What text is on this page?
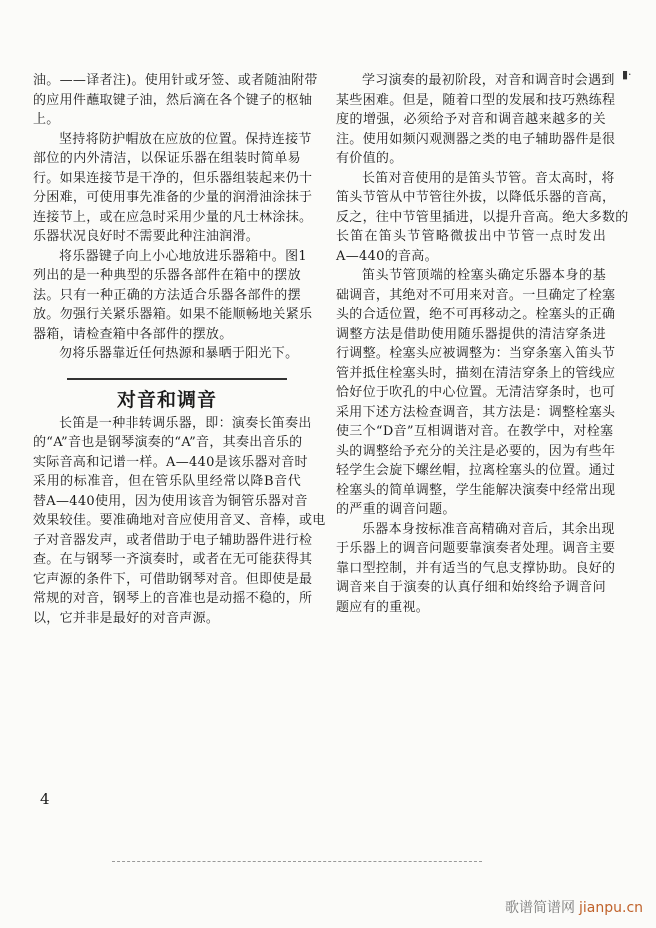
油。——译者注)。使用针或牙签、或者随油附带
的应用件蘸取键子油，然后滴在各个键子的枢轴
上。
坚持将防护帽放在应放的位置。保持连接节
部位的内外清洁，以保证乐器在组装时简单易
行。如果连接节是干净的，但乐器组装起来仍十
分困难，可使用事先准备的少量的润滑油涂抹于
连接节上，或在应急时采用少量的凡士林涂抹。
乐器状况良好时不需要此种注油润滑。
将乐器键子向上小心地放进乐器箱中。图1
列出的是一种典型的乐器各部件在箱中的摆放
法。只有一种正确的方法适合乐器各部件的摆
放。勿强行关紧乐器箱。如果不能顺畅地关紧乐
器箱，请检查箱中各部件的摆放。
勿将乐器靠近任何热源和暴晒于阳光下。
对音和调音
长笛是一种非转调乐器，即：演奏长笛奏出
的“A”音也是钢琴演奏的“A”音，其奏出音乐的
实际音高和记谱一样。A—440是该乐器对音时
采用的标准音，但在管乐队里经常以降B音代
替A—440使用，因为使用该音为铜管乐器对音
效果较佳。要准确地对音应使用音叉、音棒，或电
子对音器发声，或者借助于电子辅助器件进行检
查。在与钢琴一齐演奏时，或者在无可能获得其
它声源的条件下，可借助钢琴对音。但即使是最
常规的对音，钢琴上的音准也是动摇不稳的，所
以，它并非是最好的对音声源。
学习演奏的最初阶段，对音和调音时会遇到
某些困难。但是，随着口型的发展和技巧熟练程
度的增强，必须给予对音和调音越来越多的关
注。使用如频闪观测器之类的电子辅助器件是很
有价值的。
长笛对音使用的是笛头节管。音太高时，将
笛头节管从中节管往外拔，以降低乐器的音高，
反之，往中节管里插进，以提升音高。绝大多数的
长笛在笛头节管略微拔出中节管一点时发出
A—440的音高。
笛头节管顶端的栓塞头确定乐器本身的基
础调音，其绝对不可用来对音。一旦确定了栓塞
头的合适位置，绝不可再移动之。栓塞头的正确
调整方法是借助使用随乐器提供的清洁穿条进
行调整。栓塞头应被调整为：当穿条塞入笛头节
管并抵住栓塞头时，描刻在清洁穿条上的管线应
恰好位于吹孔的中心位置。无清洁穿条时，也可
采用下述方法检查调音，其方法是：调整栓塞头
使三个“D音”互相调谐对音。在教学中，对栓塞
头的调整给予充分的关注是必要的，因为有些年
轻学生会旋下螺丝帽，拉离栓塞头的位置。通过
栓塞头的简单调整，学生能解决演奏中经常出现
的严重的调音问题。
乐器本身按标准音高精确对音后，其余出现
于乐器上的调音问题要靠演奏者处理。调音主要
靠口型控制，并有适当的气息支撑协助。良好的
调音来自于演奏的认真仔细和始终给予调音问
题应有的重视。
▮·
4
歌谱简谱网 jianpu.cn
